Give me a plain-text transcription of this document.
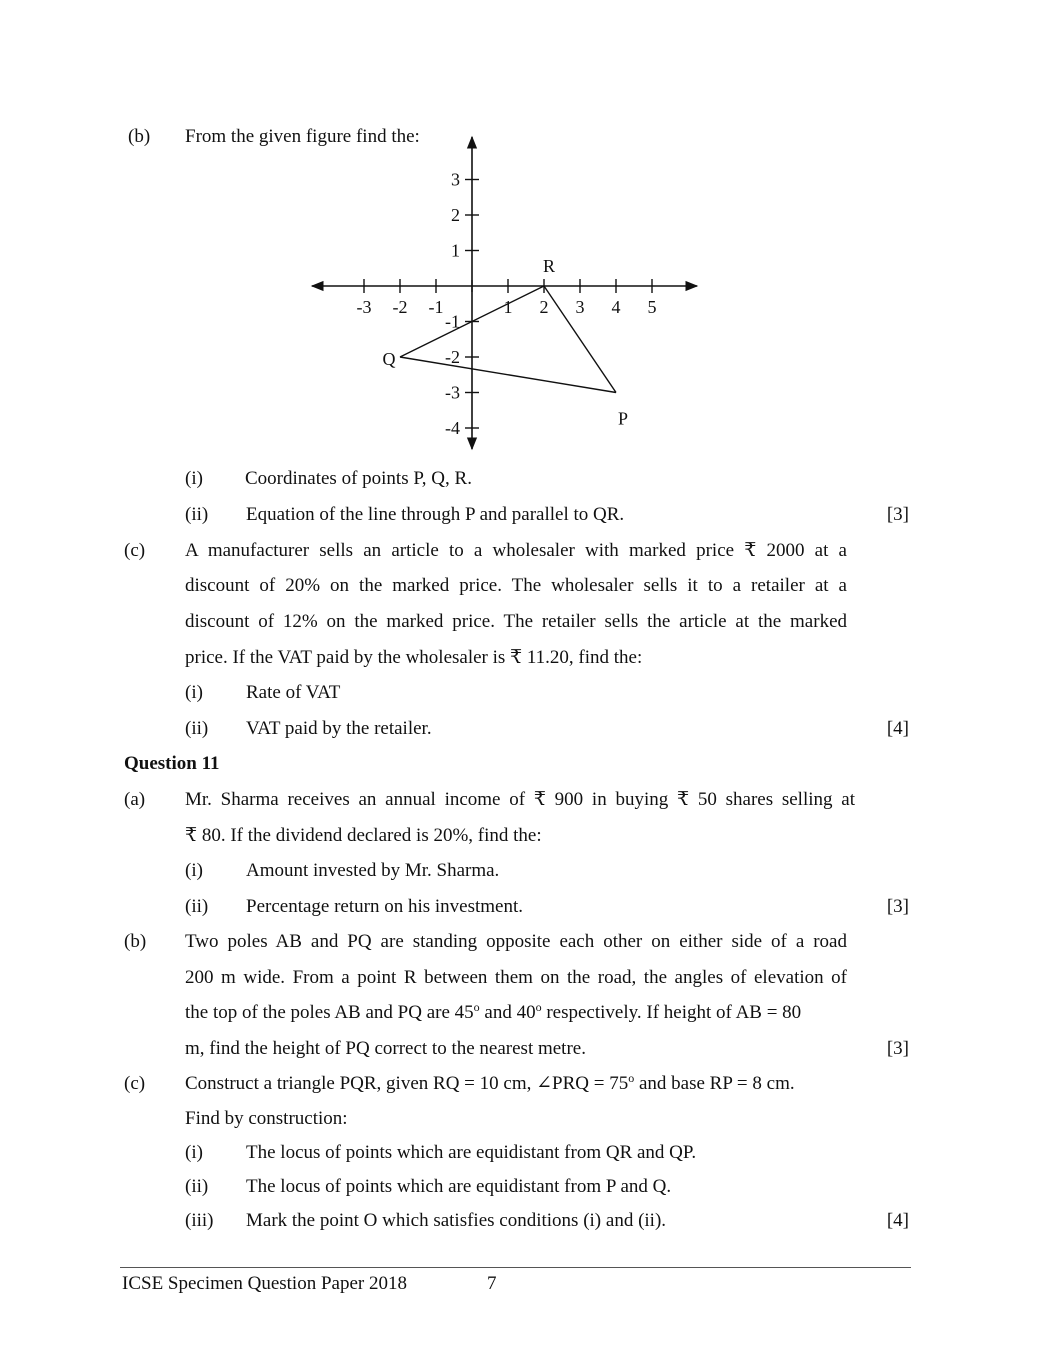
(b) From the given figure find the:
-3 -2 -1	1 2 3 4 5
3
2
1
-1
-2
-3
-4
R
Q
P
(i) Coordinates of points P, Q, R.
(ii) Equation of the line through P and parallel to QR.	[3]
(c) A manufacturer sells an article to a wholesaler with marked price ₹ 2000 at a
discount of 20% on the marked price. The wholesaler sells it to a retailer at a
discount of 12% on the marked price. The retailer sells the article at the marked
price. If the VAT paid by the wholesaler is ₹ 11.20, find the:
(i) Rate of VAT
(ii) VAT paid by the retailer.	[4]
Question 11
(a) Mr. Sharma receives an annual income of ₹ 900 in buying ₹ 50 shares selling at
₹ 80. If the dividend declared is 20%, find the:
(i) Amount invested by Mr. Sharma.
(ii) Percentage return on his investment.	[3]
(b) Two poles AB and PQ are standing opposite each other on either side of a road
200 m wide. From a point R between them on the road, the angles of elevation of
the top of the poles AB and PQ are 45$^o$ and 40$^o$ respectively. If height of AB = 80
m, find the height of PQ correct to the nearest metre.	[3]
(c) Construct a triangle PQR, given RQ = 10 cm, ∠PRQ = $75^o$ and base RP = 8 cm.
Find by construction:
(i) The locus of points which are equidistant from QR and QP.
(ii) The locus of points which are equidistant from P and Q.
(iii) Mark the point O which satisfies conditions (i) and (ii).	[4]
ICSE Specimen Question Paper 2018	7
